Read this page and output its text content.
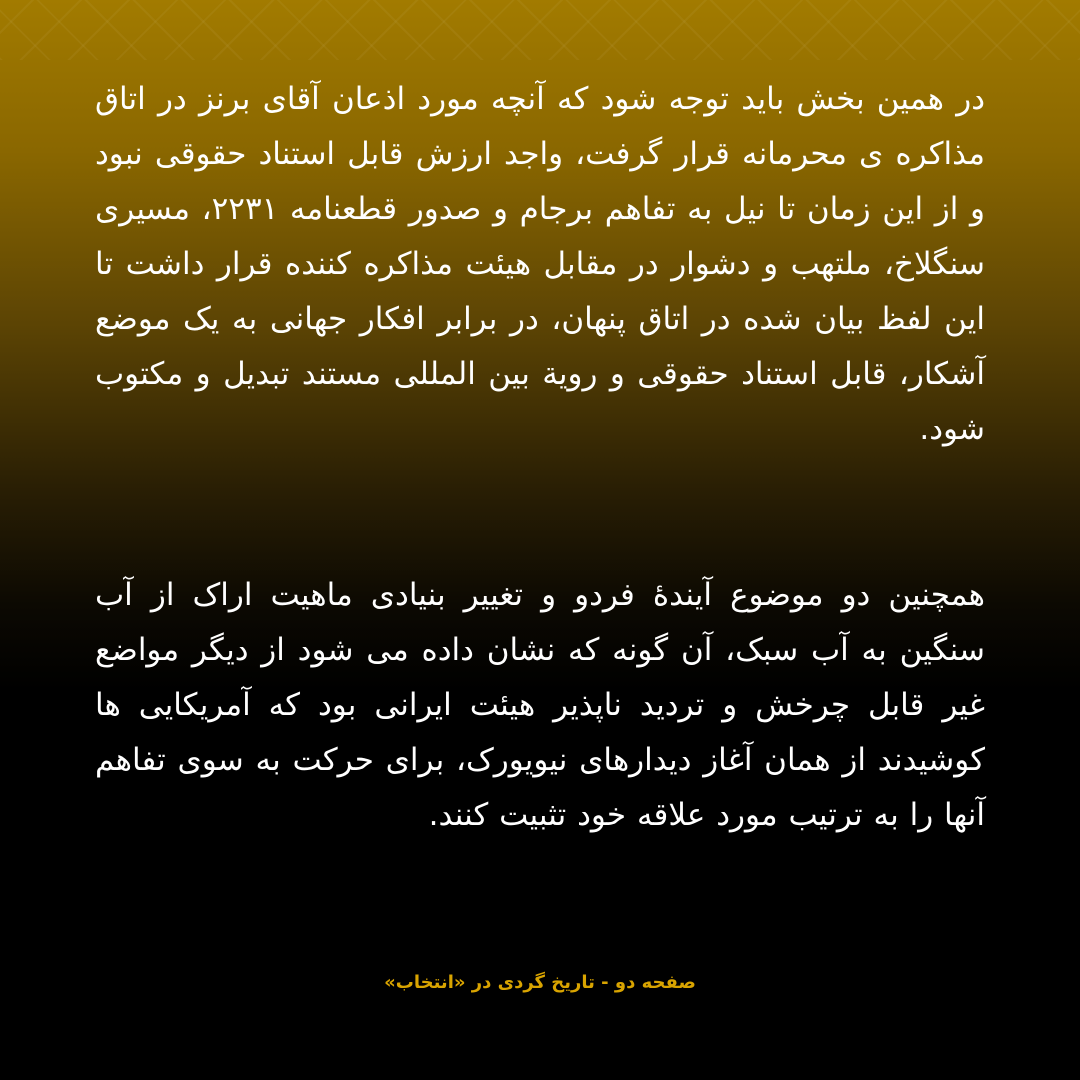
در همین بخش باید توجه شود که آنچه مورد اذعان آقای برنز در اتاق مذاکره ی محرمانه قرار گرفت، واجد ارزش قابل استناد حقوقی نبود و از این زمان تا نیل به تفاهم برجام و صدور قطعنامه ۲۲۳۱، مسیری سنگلاخ، ملتهب و دشوار در مقابل هیئت مذاکره کننده قرار داشت تا این لفظ بیان شده در اتاق پنهان، در برابر افکار جهانی به یک موضع آشکار، قابل استناد حقوقی و رویة بین المللی مستند تبدیل و مکتوب شود.

همچنین دو موضوع آیندۀ فردو و تغییر بنیادی ماهیت اراک از آب سنگین به آب سبک، آن گونه که نشان داده می شود از دیگر مواضع غیر قابل چرخش و تردید ناپذیر هیئت ایرانی بود که آمریکایی ها کوشیدند از همان آغاز دیدارهای نیویورک، برای حرکت به سوی تفاهم آنها را به ترتیب مورد علاقه خود تثبیت کنند.

صفحه دو - تاریخ گردی در «انتخاب»
